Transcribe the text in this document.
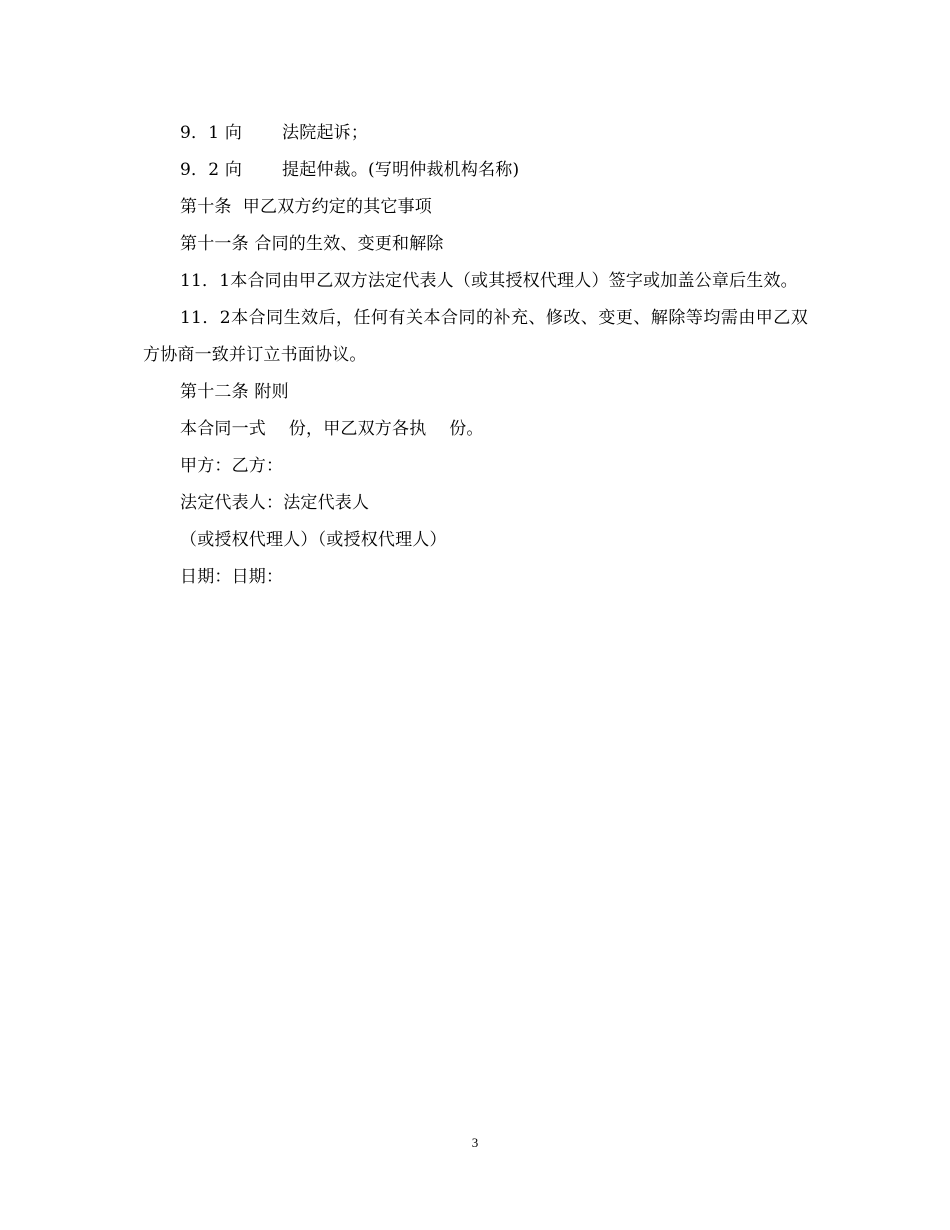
9．1 向　　 法院起诉；

9．2 向　　 提起仲裁。(写明仲裁机构名称)

第十条  甲乙双方约定的其它事项

第十一条 合同的生效、变更和解除

11．1本合同由甲乙双方法定代表人（或其授权代理人）签字或加盖公章后生效。

11．2本合同生效后，任何有关本合同的补充、修改、变更、解除等均需由甲乙双方协商一致并订立书面协议。

第十二条 附则

本合同一式　 份，甲乙双方各执　 份。

甲方：乙方：

法定代表人：法定代表人

（或授权代理人）（或授权代理人）

日期：日期：

3
